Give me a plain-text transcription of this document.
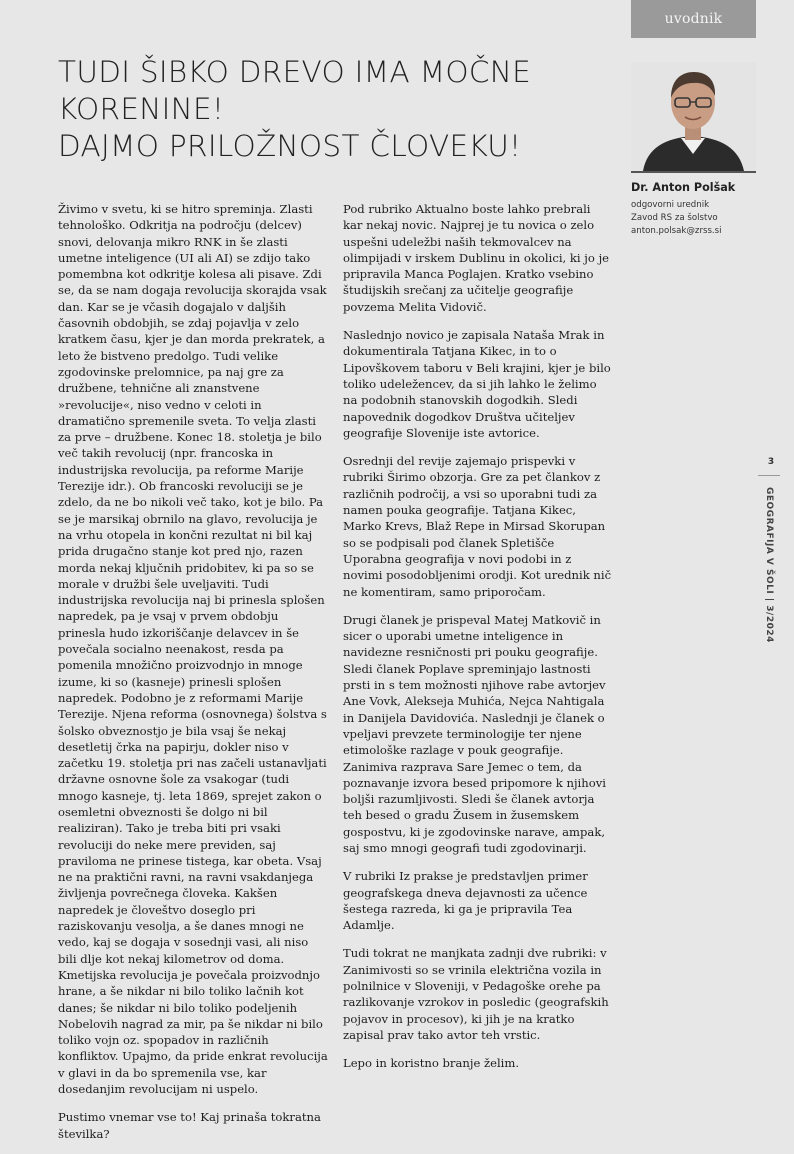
uvodnik
TUDI ŠIBKO DREVO IMA MOČNE
KORENINE!
DAJMO PRILOŽNOST ČLOVEKU!
Dr. Anton Polšak
odgovorni urednik
Zavod RS za šolstvo
anton.polsak@zrss.si

Živimo v svetu, ki se hitro spreminja. Zlasti tehnološko. Odkritja na področju (delcev) snovi, delovanja mikro RNK in še zlasti umetne inteligence (UI ali AI) se zdijo tako pomembna kot odkritje kolesa ali pisave. Zdi se, da se nam dogaja revolucija skorajda vsak dan. Kar se je včasih dogajalo v daljših časovnih obdobjih, se zdaj pojavlja v zelo kratkem času, kjer je dan morda prekratek, a leto že bistveno predolgo. Tudi velike zgodovinske prelomnice, pa naj gre za družbene, tehnične ali znanstvene »revolucije«, niso vedno v celoti in dramatično spremenile sveta. To velja zlasti za prve – družbene. Konec 18. stoletja je bilo več takih revolucij (npr. francoska in industrijska revolucija, pa reforme Marije Terezije idr.). Ob francoski revoluciji se je zdelo, da ne bo nikoli več tako, kot je bilo. Pa se je marsikaj obrnilo na glavo, revolucija je na vrhu otopela in končni rezultat ni bil kaj prida drugačno stanje kot pred njo, razen morda nekaj ključnih pridobitev, ki pa so se morale v družbi šele uveljaviti. Tudi industrijska revolucija naj bi prinesla splošen napredek, pa je vsaj v prvem obdobju prinesla hudo izkoriščanje delavcev in še povečala socialno neenakost, resda pa pomenila množično proizvodnjo in mnoge izume, ki so (kasneje) prinesli splošen napredek. Podobno je z reformami Marije Terezije. Njena reforma (osnovnega) šolstva s šolsko obveznostjo je bila vsaj še nekaj desetletij črka na papirju, dokler niso v začetku 19. stoletja pri nas začeli ustanavljati državne osnovne šole za vsakogar (tudi mnogo kasneje, tj. leta 1869, sprejet zakon o osemletni obveznosti še dolgo ni bil realiziran). Tako je treba biti pri vsaki revoluciji do neke mere previden, saj praviloma ne prinese tistega, kar obeta. Vsaj ne na praktični ravni, na ravni vsakdanjega življenja povrečnega človeka. Kakšen napredek je človeštvo doseglo pri raziskovanju vesolja, a še danes mnogi ne vedo, kaj se dogaja v sosednji vasi, ali niso bili dlje kot nekaj kilometrov od doma. Kmetijska revolucija je povečala proizvodnjo hrane, a še nikdar ni bilo toliko lačnih kot danes; še nikdar ni bilo toliko podeljenih Nobelovih nagrad za mir, pa še nikdar ni bilo toliko vojn oz. spopadov in različnih konfliktov. Upajmo, da pride enkrat revolucija v glavi in da bo spremenila vse, kar dosedanjim revolucijam ni uspelo.

Pustimo vnemar vse to! Kaj prinaša tokratna številka?

Pod rubriko Aktualno boste lahko prebrali kar nekaj novic. Najprej je tu novica o zelo uspešni udeležbi naših tekmovalcev na olimpijadi v irskem Dublinu in okolici, ki jo je pripravila Manca Poglajen. Kratko vsebino študijskih srečanj za učitelje geografije povzema Melita Vidovič.

Naslednjo novico je zapisala Nataša Mrak in dokumentirala Tatjana Kikec, in to o Lipovškovem taboru v Beli krajini, kjer je bilo toliko udeležencev, da si jih lahko le želimo na podobnih stanovskih dogodkih. Sledi napovednik dogodkov Društva učiteljev geografije Slovenije iste avtorice.

Osrednji del revije zajemajo prispevki v rubriki Širimo obzorja. Gre za pet člankov z različnih področij, a vsi so uporabni tudi za namen pouka geografije. Tatjana Kikec, Marko Krevs, Blaž Repe in Mirsad Skorupan so se podpisali pod članek Spletišče Uporabna geografija v novi podobi in z novimi posodobljenimi orodji. Kot urednik nič ne komentiram, samo priporočam.

Drugi članek je prispeval Matej Matkovič in sicer o uporabi umetne inteligence in navidezne resničnosti pri pouku geografije. Sledi članek Poplave spreminjajo lastnosti prsti in s tem možnosti njihove rabe avtorjev Ane Vovk, Alekseja Muhića, Nejca Nahtigala in Danijela Davidovića. Naslednji je članek o vpeljavi prevzete terminologije ter njene etimološke razlage v pouk geografije. Zanimiva razprava Sare Jemec o tem, da poznavanje izvora besed pripomore k njihovi boljši razumljivosti. Sledi še članek avtorja teh besed o gradu Žusem in žusemskem gospostvu, ki je zgodovinske narave, ampak, saj smo mnogi geografi tudi zgodovinarji.

V rubriki Iz prakse je predstavljen primer geografskega dneva dejavnosti za učence šestega razreda, ki ga je pripravila Tea Adamlje.

Tudi tokrat ne manjkata zadnji dve rubriki: v Zanimivosti so se vrinila električna vozila in polnilnice v Sloveniji, v Pedagoške orehe pa razlikovanje vzrokov in posledic (geografskih pojavov in procesov), ki jih je na kratko zapisal prav tako avtor teh vrstic.

Lepo in koristno branje želim.

3
GEOGRAFIJA V ŠOLI | 3/2024
